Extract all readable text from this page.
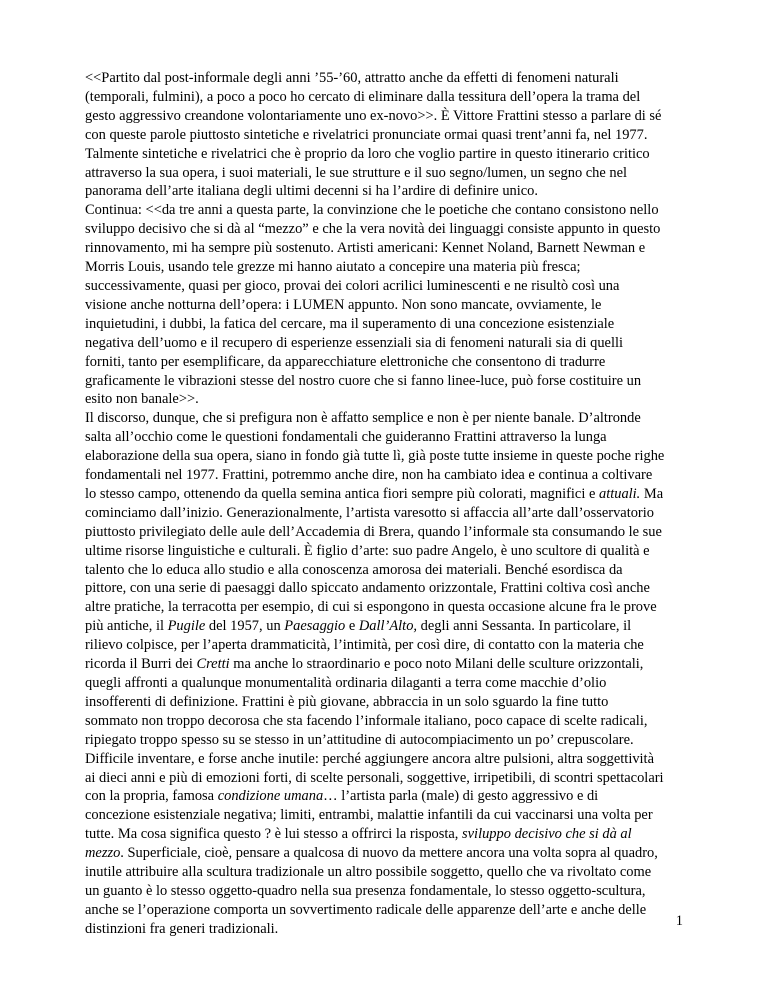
<<Partito dal post-informale degli anni ’55-’60, attratto anche da effetti di fenomeni naturali
(temporali, fulmini), a poco a poco ho cercato di eliminare dalla tessitura dell’opera la trama del
gesto aggressivo creandone volontariamente uno ex-novo>>. È Vittore Frattini stesso a parlare di sé
con queste parole piuttosto sintetiche e rivelatrici pronunciate ormai quasi trent’anni fa, nel 1977.
Talmente sintetiche e rivelatrici che è proprio da loro che voglio partire in questo itinerario critico
attraverso la sua opera, i suoi materiali, le sue strutture e il suo segno/lumen, un segno che nel
panorama dell’arte italiana degli ultimi decenni si ha l’ardire di definire unico.
Continua: <<da tre anni a questa parte, la convinzione che le poetiche che contano consistono nello
sviluppo decisivo che si dà al “mezzo” e che la vera novità dei linguaggi consiste appunto in questo
rinnovamento, mi ha sempre più sostenuto. Artisti americani: Kennet Noland, Barnett Newman e
Morris Louis, usando tele grezze mi hanno aiutato a concepire una materia più fresca;
successivamente, quasi per gioco, provai dei colori acrilici luminescenti e ne risultò così una
visione anche notturna dell’opera: i LUMEN appunto. Non sono mancate, ovviamente, le
inquietudini, i dubbi, la fatica del cercare, ma il superamento di una concezione esistenziale
negativa dell’uomo e il recupero di esperienze essenziali sia di fenomeni naturali sia di quelli
forniti, tanto per esemplificare, da apparecchiature elettroniche che consentono di tradurre
graficamente le vibrazioni stesse del nostro cuore che si fanno linee-luce, può forse costituire un
esito non banale>>.
Il discorso, dunque, che si prefigura non è affatto semplice e non è per niente banale. D’altronde
salta all’occhio come le questioni fondamentali che guideranno Frattini attraverso la lunga
elaborazione della sua opera, siano in fondo già tutte lì, già poste tutte insieme in queste poche righe
fondamentali nel 1977. Frattini, potremmo anche dire, non ha cambiato idea e continua a coltivare
lo stesso campo, ottenendo da quella semina antica fiori sempre più colorati, magnifici e attuali. Ma
cominciamo dall’inizio. Generazionalmente, l’artista varesotto si affaccia all’arte dall’osservatorio
piuttosto privilegiato delle aule dell’Accademia di Brera, quando l’informale sta consumando le sue
ultime risorse linguistiche e culturali. È figlio d’arte: suo padre Angelo, è uno scultore di qualità e
talento che lo educa allo studio e alla conoscenza amorosa dei materiali. Benché esordisca da
pittore, con una serie di paesaggi dallo spiccato andamento orizzontale, Frattini coltiva così anche
altre pratiche, la terracotta per esempio, di cui si espongono in questa occasione alcune fra le prove
più antiche, il Pugile del 1957, un Paesaggio e Dall’Alto, degli anni Sessanta. In particolare, il
rilievo colpisce, per l’aperta drammaticità, l’intimità, per così dire, di contatto con la materia che
ricorda il Burri dei Cretti ma anche lo straordinario e poco noto Milani delle sculture orizzontali,
quegli affronti a qualunque monumentalità ordinaria dilaganti a terra come macchie d’olio
insofferenti di definizione. Frattini è più giovane, abbraccia in un solo sguardo la fine tutto
sommato non troppo decorosa che sta facendo l’informale italiano, poco capace di scelte radicali,
ripiegato troppo spesso su se stesso in un’attitudine di autocompiacimento un po’ crepuscolare.
Difficile inventare, e forse anche inutile: perché aggiungere ancora altre pulsioni, altra soggettività
ai dieci anni e più di emozioni forti, di scelte personali, soggettive, irripetibili, di scontri spettacolari
con la propria, famosa condizione umana… l’artista parla (male) di gesto aggressivo e di
concezione esistenziale negativa; limiti, entrambi, malattie infantili da cui vaccinarsi una volta per
tutte. Ma cosa significa questo ? è lui stesso a offrirci la risposta, sviluppo decisivo che si dà al
mezzo. Superficiale, cioè, pensare a qualcosa di nuovo da mettere ancora una volta sopra al quadro,
inutile attribuire alla scultura tradizionale un altro possibile soggetto, quello che va rivoltato come
un guanto è lo stesso oggetto-quadro nella sua presenza fondamentale, lo stesso oggetto-scultura,
anche se l’operazione comporta un sovvertimento radicale delle apparenze dell’arte e anche delle
distinzioni fra generi tradizionali.	1
